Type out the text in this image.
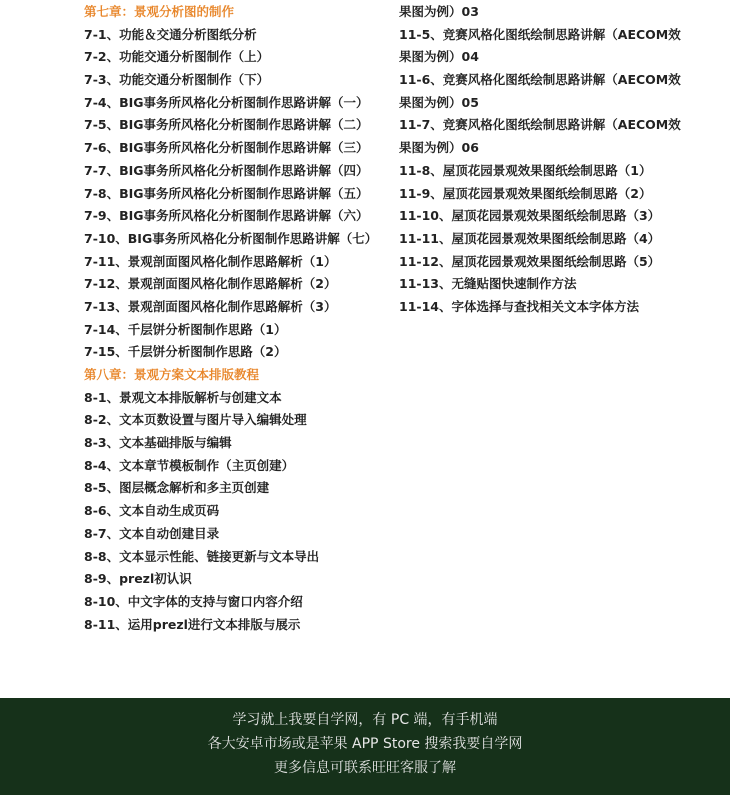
第七章：景观分析图的制作
7-1、功能＆交通分析图纸分析
7-2、功能交通分析图制作（上）
7-3、功能交通分析图制作（下）
7-4、BIG事务所风格化分析图制作思路讲解（一）
7-5、BIG事务所风格化分析图制作思路讲解（二）
7-6、BIG事务所风格化分析图制作思路讲解（三）
7-7、BIG事务所风格化分析图制作思路讲解（四）
7-8、BIG事务所风格化分析图制作思路讲解（五）
7-9、BIG事务所风格化分析图制作思路讲解（六）
7-10、BIG事务所风格化分析图制作思路讲解（七）
7-11、景观剖面图风格化制作思路解析（1）
7-12、景观剖面图风格化制作思路解析（2）
7-13、景观剖面图风格化制作思路解析（3）
7-14、千层饼分析图制作思路（1）
7-15、千层饼分析图制作思路（2）
第八章：景观方案文本排版教程
8-1、景观文本排版解析与创建文本
8-2、文本页数设置与图片导入编辑处理
8-3、文本基础排版与编辑
8-4、文本章节模板制作（主页创建）
8-5、图层概念解析和多主页创建
8-6、文本自动生成页码
8-7、文本自动创建目录
8-8、文本显示性能、链接更新与文本导出
8-9、prezl初认识
8-10、中文字体的支持与窗口内容介绍
8-11、运用prezl进行文本排版与展示
果图为例）03
11-5、竞赛风格化图纸绘制思路讲解（AECOM效
果图为例）04
11-6、竞赛风格化图纸绘制思路讲解（AECOM效
果图为例）05
11-7、竞赛风格化图纸绘制思路讲解（AECOM效
果图为例）06
11-8、屋顶花园景观效果图纸绘制思路（1）
11-9、屋顶花园景观效果图纸绘制思路（2）
11-10、屋顶花园景观效果图纸绘制思路（3）
11-11、屋顶花园景观效果图纸绘制思路（4）
11-12、屋顶花园景观效果图纸绘制思路（5）
11-13、无缝贴图快速制作方法
11-14、字体选择与查找相关文本字体方法
学习就上我要自学网，有 PC 端，有手机端
各大安卓市场或是苹果 APP Store 搜索我要自学网
更多信息可联系旺旺客服了解
